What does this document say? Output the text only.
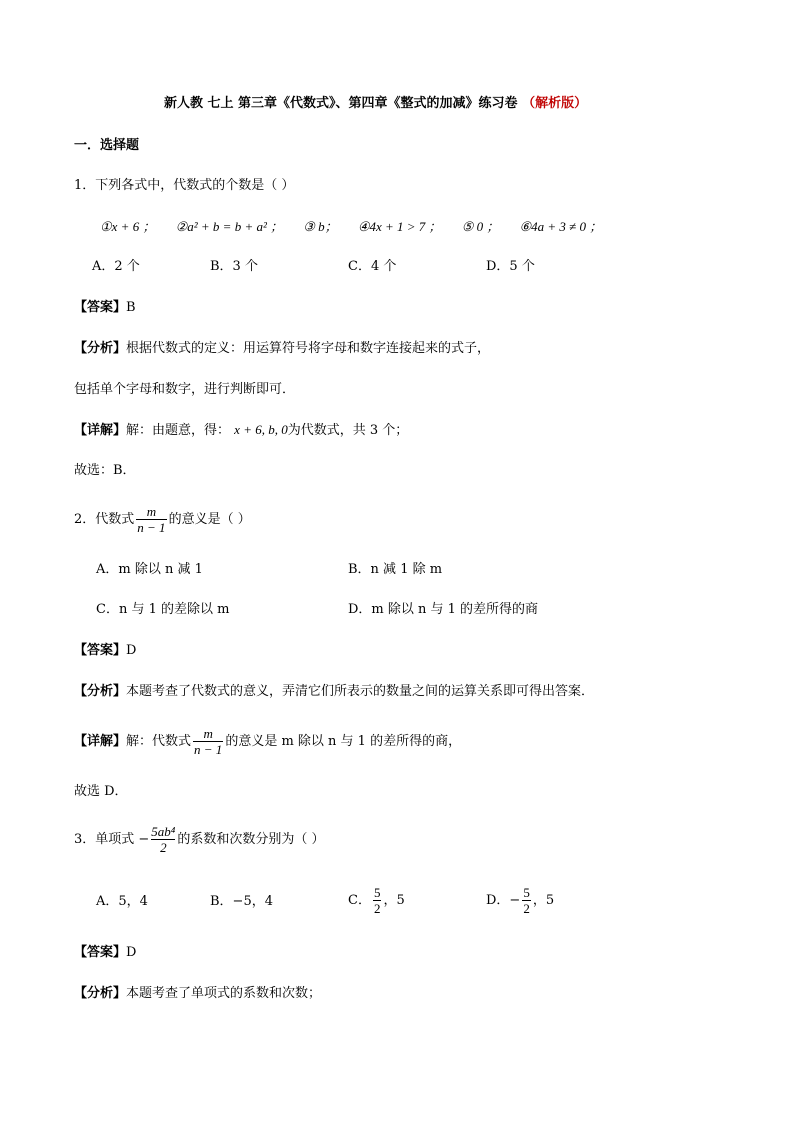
新人教 七上 第三章《代数式》、第四章《整式的加减》练习卷 （解析版）
一．选择题
1．下列各式中，代数式的个数是（ ）
①x + 6 ； ②a² + b = b + a² ； ③ b； ④4x + 1 > 7 ； ⑤ 0 ； ⑥4a + 3 ≠ 0 ；
A．2 个	B．3 个	C．4 个	D．5 个
【答案】B
【分析】根据代数式的定义：用运算符号将字母和数字连接起来的式子，
包括单个字母和数字，进行判断即可．
【详解】解：由题意，得： x + 6, b, 0为代数式，共 3 个；
故选：B．
2．代数式 $\frac{m}{n - 1}$ 的意义是（ ）
A．m 除以 n 减 1	B．n 减 1 除 m
C．n 与 1 的差除以 m	D．m 除以 n 与 1 的差所得的商
【答案】D
【分析】本题考查了代数式的意义，弄清它们所表示的数量之间的运算关系即可得出答案．
【详解】解：代数式 $\frac{m}{n - 1}$ 的意义是 m 除以 n 与 1 的差所得的商，
故选 D．
3．单项式 − $\frac{\text{5ab⁴}}{2}$ 的系数和次数分别为（ ）
A．5，4	B．−5，4	C． $\frac{5}{2}$ ，5	D．− $\frac{5}{2}$ ，5
【答案】D
【分析】本题考查了单项式的系数和次数；
